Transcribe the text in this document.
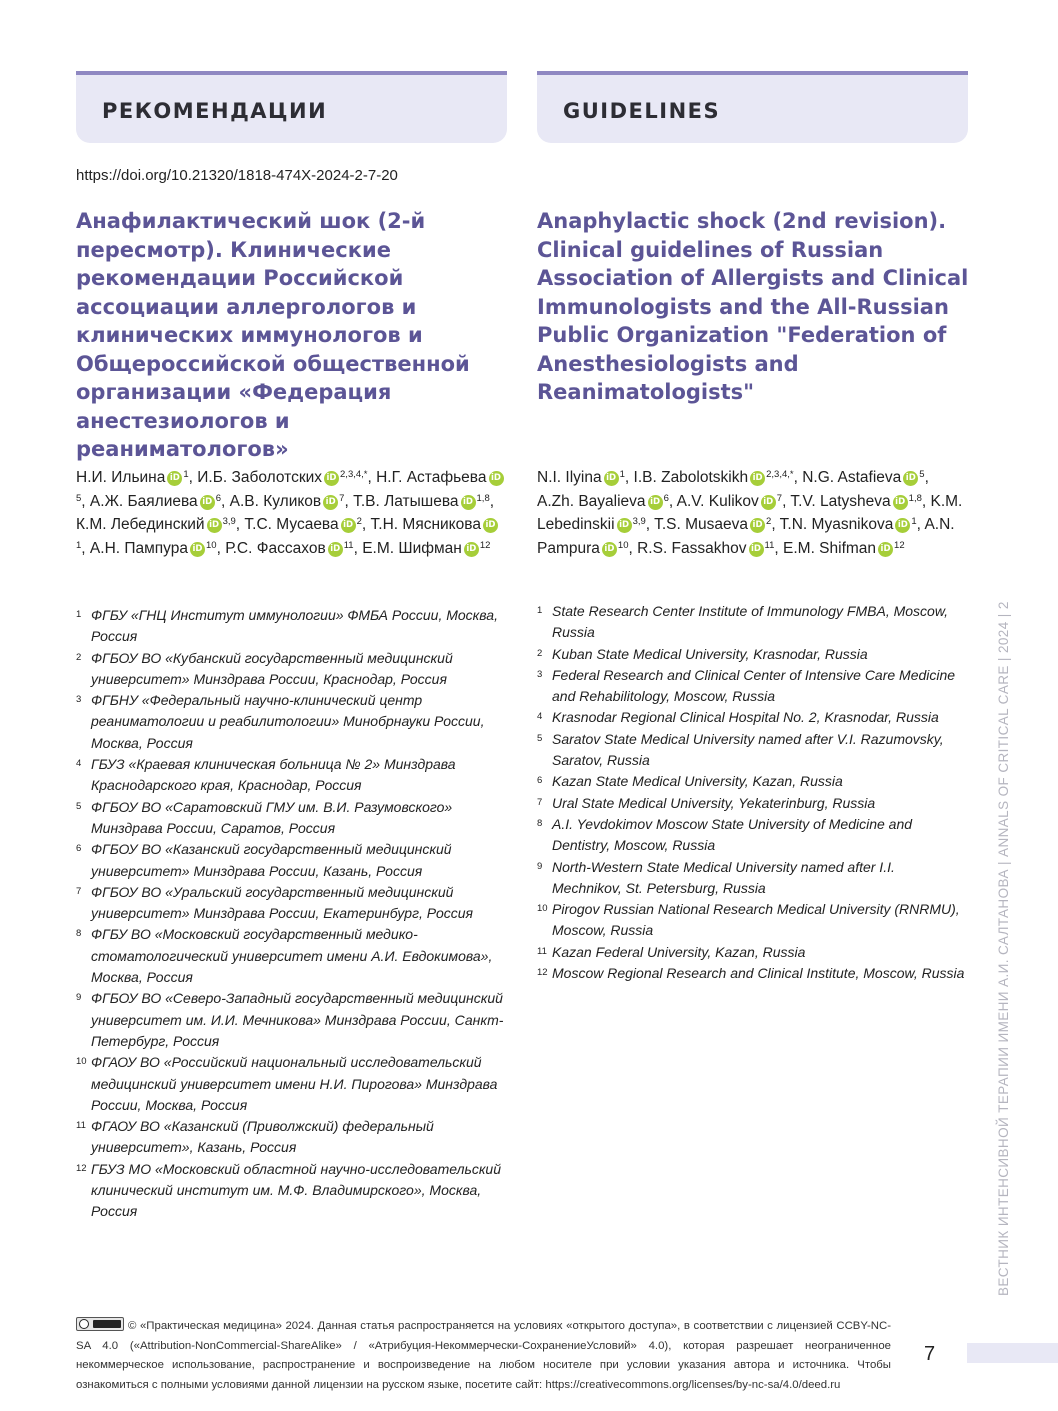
РЕКОМЕНДАЦИИ	GUIDELINES
https://doi.org/10.21320/1818-474X-2024-2-7-20
Анафилактический шок (2-й пересмотр). Клинические рекомендации Российской ассоциации аллергологов и клинических иммунологов и Общероссийской общественной организации «Федерация анестезиологов и реаниматологов»
Anaphylactic shock (2nd revision). Clinical guidelines of Russian Association of Allergists and Clinical Immunologists and the All-Russian Public Organization "Federation of Anesthesiologists and Reanimatologists"

Н.И. Ильина iD $^1$, И.Б. Заболотских iD $^{2,3,4,*}$, Н.Г. Астафьева $iD^5$, А.Ж. Баялиева iD $^6$, А.В. Куликов iD $^7$, Т.В. Латышева iD $^{1,8}$, К.М. Лебединский iD $^{3,9}$, Т.С. Мусаева iD $^2$, Т.Н. Мясникова $iD^1$, А.Н. Пампура iD $^{10}$, Р.С. Фассахов iD $^{11}$, Е.М. Шифман iD $^{12}$

N.I. Ilyina iD $^1$, I.B. Zabolotskikh iD $^{2,3,4,*}$, N.G. Astafieva iD $^5$, A.Zh. Bayalieva iD $^6$, A.V. Kulikov iD $^7$, T.V. Latysheva iD $^{1,8}$, K.M. Lebedinskii iD $^{3,9}$, T.S. Musaeva iD $^2$, T.N. Myasnikova iD $^1$, A.N. Pampura iD $^{10}$, R.S. Fassakhov iD $^{11}$, E.M. Shifman iD $^{12}$

1 ФГБУ «ГНЦ Институт иммунологии» ФМБА России, Москва, Россия
2 ФГБОУ ВО «Кубанский государственный медицинский университет» Минздрава России, Краснодар, Россия
3 ФГБНУ «Федеральный научно-клинический центр реаниматологии и реабилитологии» Минобрнауки России, Москва, Россия
4 ГБУЗ «Краевая клиническая больница № 2» Минздрава Краснодарского края, Краснодар, Россия
5 ФГБОУ ВО «Саратовский ГМУ им. В.И. Разумовского» Минздрава России, Саратов, Россия
6 ФГБОУ ВО «Казанский государственный медицинский университет» Минздрава России, Казань, Россия
7 ФГБОУ ВО «Уральский государственный медицинский университет» Минздрава России, Екатеринбург, Россия
8 ФГБУ ВО «Московский государственный медико-стоматологический университет имени А.И. Евдокимова», Москва, Россия
9 ФГБОУ ВО «Северо-Западный государственный медицинский университет им. И.И. Мечникова» Минздрава России, Санкт-Петербург, Россия
10 ФГАОУ ВО «Российский национальный исследовательский медицинский университет имени Н.И. Пирогова» Минздрава России, Москва, Россия
11 ФГАОУ ВО «Казанский (Приволжский) федеральный университет», Казань, Россия
12 ГБУЗ МО «Московский областной научно-исследовательский клинический институт им. М.Ф. Владимирского», Москва, Россия
1 State Research Center Institute of Immunology FMBA, Moscow, Russia
2 Kuban State Medical University, Krasnodar, Russia
3 Federal Research and Clinical Center of Intensive Care Medicine and Rehabilitology, Moscow, Russia
4 Krasnodar Regional Clinical Hospital No. 2, Krasnodar, Russia
5 Saratov State Medical University named after V.I. Razumovsky, Saratov, Russia
6 Kazan State Medical University, Kazan, Russia
7 Ural State Medical University, Yekaterinburg, Russia
8 A.I. Yevdokimov Moscow State University of Medicine and Dentistry, Moscow, Russia
9 North-Western State Medical University named after I.I. Mechnikov, St. Petersburg, Russia
10 Pirogov Russian National Research Medical University (RNRMU), Moscow, Russia
11 Kazan Federal University, Kazan, Russia
12 Moscow Regional Research and Clinical Institute, Moscow, Russia ВЕСТНИК ИНТЕНСИВНОЙ ТЕРАПИИ ИМЕНИ А.И. САЛТАНОВА | ANNALS OF CRITICAL CARE | 2024 | 2
© «Практическая медицина» 2024. Данная статья распространяется на условиях «открытого доступа», в соответствии с лицензией CCBY-NC-SA 4.0 («Attribution-NonCommercial-ShareAlike» / «Атрибуция-Некоммерчески-СохранениеУсловий» 4.0), которая разрешает неограниченное некоммерческое использование, распространение и воспроизведение на любом носителе при условии указания автора и источника. Чтобы ознакомиться с полными условиями данной лицензии на русском языке, посетите сайт: https://creativecommons.org/licenses/by-nc-sa/4.0/deed.ru
7
